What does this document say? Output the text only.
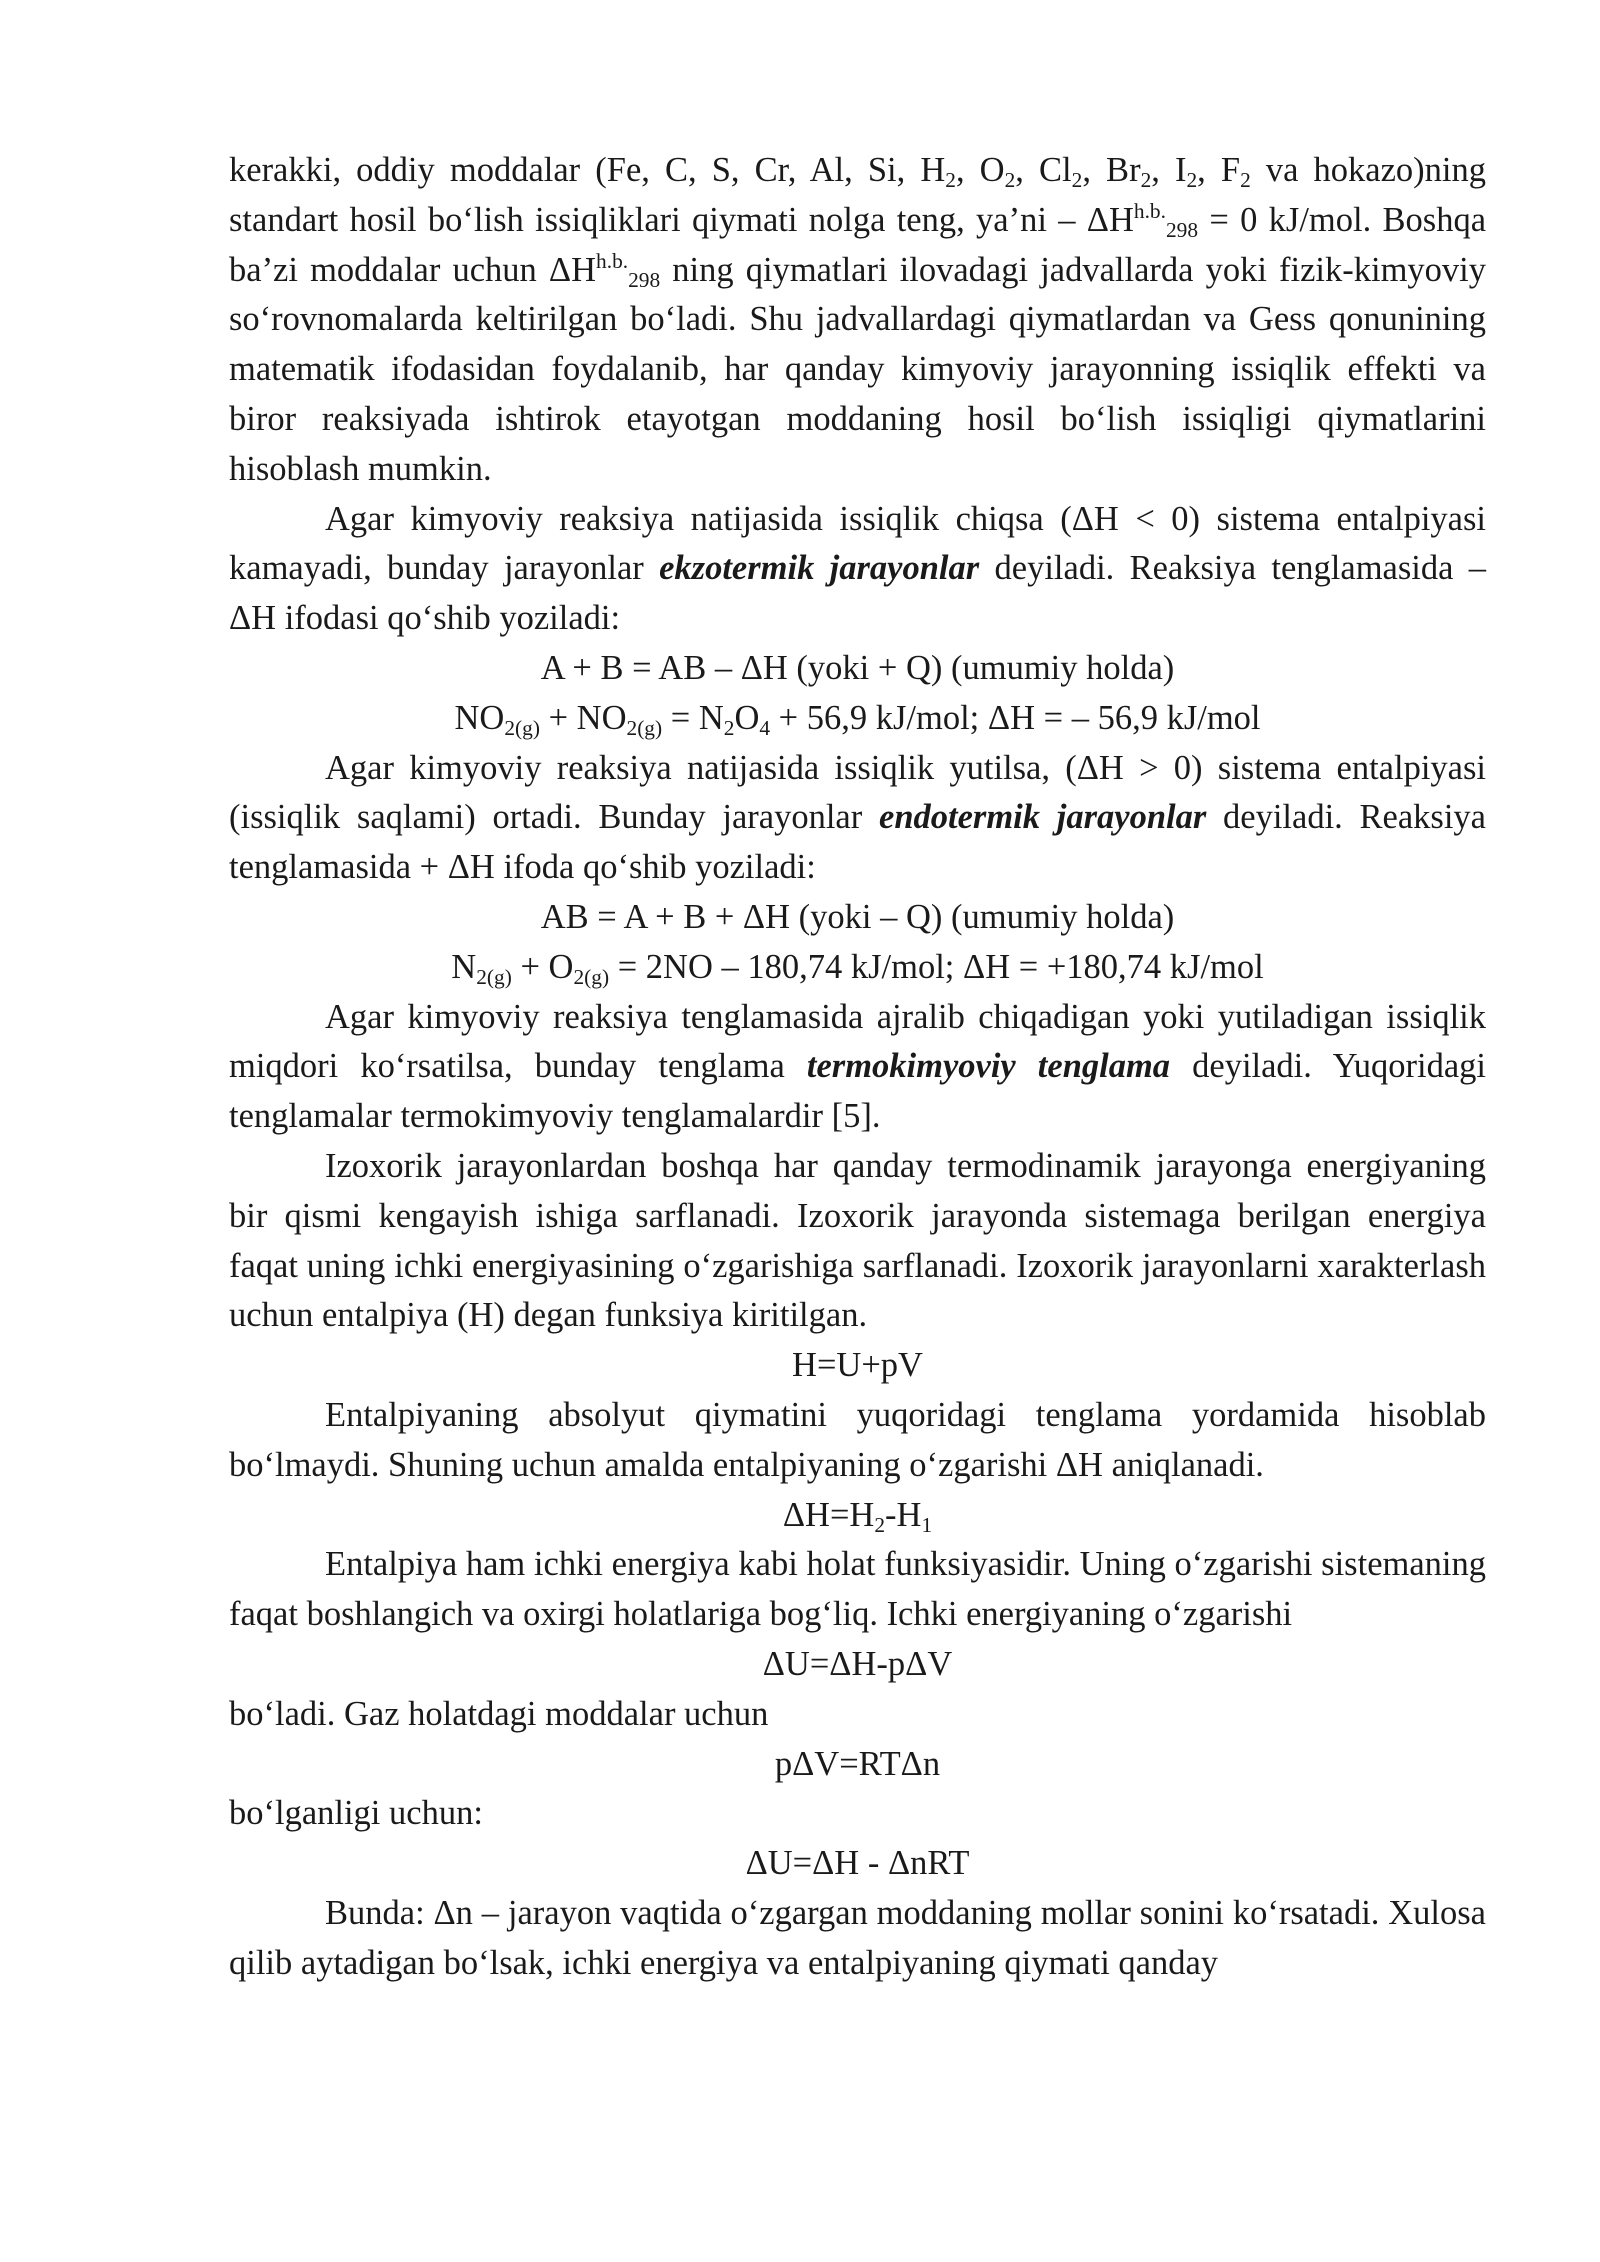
kerakki, oddiy moddalar (Fe, C, S, Cr, Al, Si, $H_2$, $O_2$, $Cl_2$, $Br_2$, $I_2$, $F_2$ va hokazo)ning standart hosil bo‘lish issiqliklari qiymati nolga teng, ya’ni – $\Delta H^{h.b.}_{298} = 0$ kJ/mol. Boshqa ba’zi moddalar uchun $\Delta H^{h.b.}_{298}$ ning qiymatlari ilovadagi jadvallarda yoki fizik-kimyoviy so‘rovnomalarda keltirilgan bo‘ladi. Shu jadvallardagi qiymatlardan va Gess qonunining matematik ifodasidan foydalanib, har qanday kimyoviy jarayonning issiqlik effekti va biror reaksiyada ishtirok etayotgan moddaning hosil bo‘lish issiqligi qiymatlarini hisoblash mumkin.

Agar kimyoviy reaksiya natijasida issiqlik chiqsa (ΔH < 0) sistema entalpiyasi kamayadi, bunday jarayonlar ekzotermik jarayonlar deyiladi. Reaksiya tenglamasida – ΔH ifodasi qo‘shib yoziladi:

A + B = AB – ΔH (yoki + Q) (umumiy holda)

$NO_{2(g)} + NO_{2(g)} = N_2O_4 + 56,9$ kJ/mol; ΔH = – 56,9 kJ/mol

Agar kimyoviy reaksiya natijasida issiqlik yutilsa, (ΔH > 0) sistema entalpiyasi (issiqlik saqlami) ortadi. Bunday jarayonlar endotermik jarayonlar deyiladi. Reaksiya tenglamasida + ΔH ifoda qo‘shib yoziladi:

AB = A + B + ΔH (yoki – Q) (umumiy holda)

$N_{2(g)} + O_{2(g)} = 2NO - 180,74$ kJ/mol; ΔH = +180,74 kJ/mol

Agar kimyoviy reaksiya tenglamasida ajralib chiqadigan yoki yutiladigan issiqlik miqdori ko‘rsatilsa, bunday tenglama termokimyoviy tenglama deyiladi. Yuqoridagi tenglamalar termokimyoviy tenglamalardir [5].

Izoxorik jarayonlardan boshqa har qanday termodinamik jarayonga energiyaning bir qismi kengayish ishiga sarflanadi. Izoxorik jarayonda sistemaga berilgan energiya faqat uning ichki energiyasining o‘zgarishiga sarflanadi. Izoxorik jarayonlarni xarakterlash uchun entalpiya (H) degan funksiya kiritilgan.

H=U+pV

Entalpiyaning absolyut qiymatini yuqoridagi tenglama yordamida hisoblab bo‘lmaydi. Shuning uchun amalda entalpiyaning o‘zgarishi ΔH aniqlanadi.

$\Delta H=H_2-H_1$

Entalpiya ham ichki energiya kabi holat funksiyasidir. Uning o‘zgarishi sistemaning faqat boshlangich va oxirgi holatlariga bog‘liq. Ichki energiyaning o‘zgarishi

ΔU=ΔH-pΔV

bo‘ladi. Gaz holatdagi moddalar uchun

pΔV=RTΔn

bo‘lganligi uchun:

ΔU=ΔH - ΔnRT

Bunda: Δn – jarayon vaqtida o‘zgargan moddaning mollar sonini ko‘rsatadi. Xulosa qilib aytadigan bo‘lsak, ichki energiya va entalpiyaning qiymati qanday
